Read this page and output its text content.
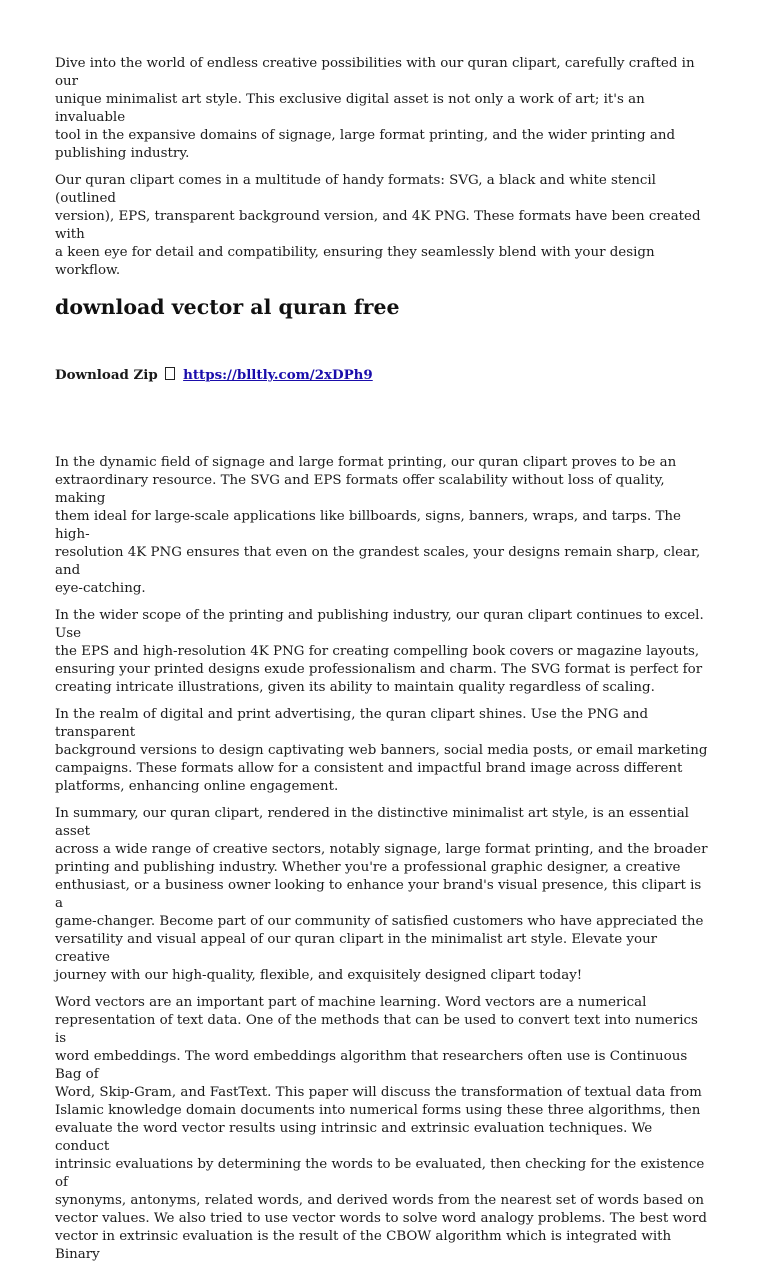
Dive into the world of endless creative possibilities with our quran clipart, carefully crafted in our
unique minimalist art style. This exclusive digital asset is not only a work of art; it's an invaluable
tool in the expansive domains of signage, large format printing, and the wider printing and
publishing industry.

Our quran clipart comes in a multitude of handy formats: SVG, a black and white stencil (outlined
version), EPS, transparent background version, and 4K PNG. These formats have been created with
a keen eye for detail and compatibility, ensuring they seamlessly blend with your design workflow.

download vector al quran free
Download Zip https://blltly.com/2xDPh9

In the dynamic field of signage and large format printing, our quran clipart proves to be an
extraordinary resource. The SVG and EPS formats offer scalability without loss of quality, making
them ideal for large-scale applications like billboards, signs, banners, wraps, and tarps. The high-
resolution 4K PNG ensures that even on the grandest scales, your designs remain sharp, clear, and
eye-catching.

In the wider scope of the printing and publishing industry, our quran clipart continues to excel. Use
the EPS and high-resolution 4K PNG for creating compelling book covers or magazine layouts,
ensuring your printed designs exude professionalism and charm. The SVG format is perfect for
creating intricate illustrations, given its ability to maintain quality regardless of scaling.

In the realm of digital and print advertising, the quran clipart shines. Use the PNG and transparent
background versions to design captivating web banners, social media posts, or email marketing
campaigns. These formats allow for a consistent and impactful brand image across different
platforms, enhancing online engagement.

In summary, our quran clipart, rendered in the distinctive minimalist art style, is an essential asset
across a wide range of creative sectors, notably signage, large format printing, and the broader
printing and publishing industry. Whether you're a professional graphic designer, a creative
enthusiast, or a business owner looking to enhance your brand's visual presence, this clipart is a
game-changer. Become part of our community of satisfied customers who have appreciated the
versatility and visual appeal of our quran clipart in the minimalist art style. Elevate your creative
journey with our high-quality, flexible, and exquisitely designed clipart today!

Word vectors are an important part of machine learning. Word vectors are a numerical
representation of text data. One of the methods that can be used to convert text into numerics is
word embeddings. The word embeddings algorithm that researchers often use is Continuous Bag of
Word, Skip-Gram, and FastText. This paper will discuss the transformation of textual data from
Islamic knowledge domain documents into numerical forms using these three algorithms, then
evaluate the word vector results using intrinsic and extrinsic evaluation techniques. We conduct
intrinsic evaluations by determining the words to be evaluated, then checking for the existence of
synonyms, antonyms, related words, and derived words from the nearest set of words based on
vector values. We also tried to use vector words to solve word analogy problems. The best word
vector in extrinsic evaluation is the result of the CBOW algorithm which is integrated with Binary
